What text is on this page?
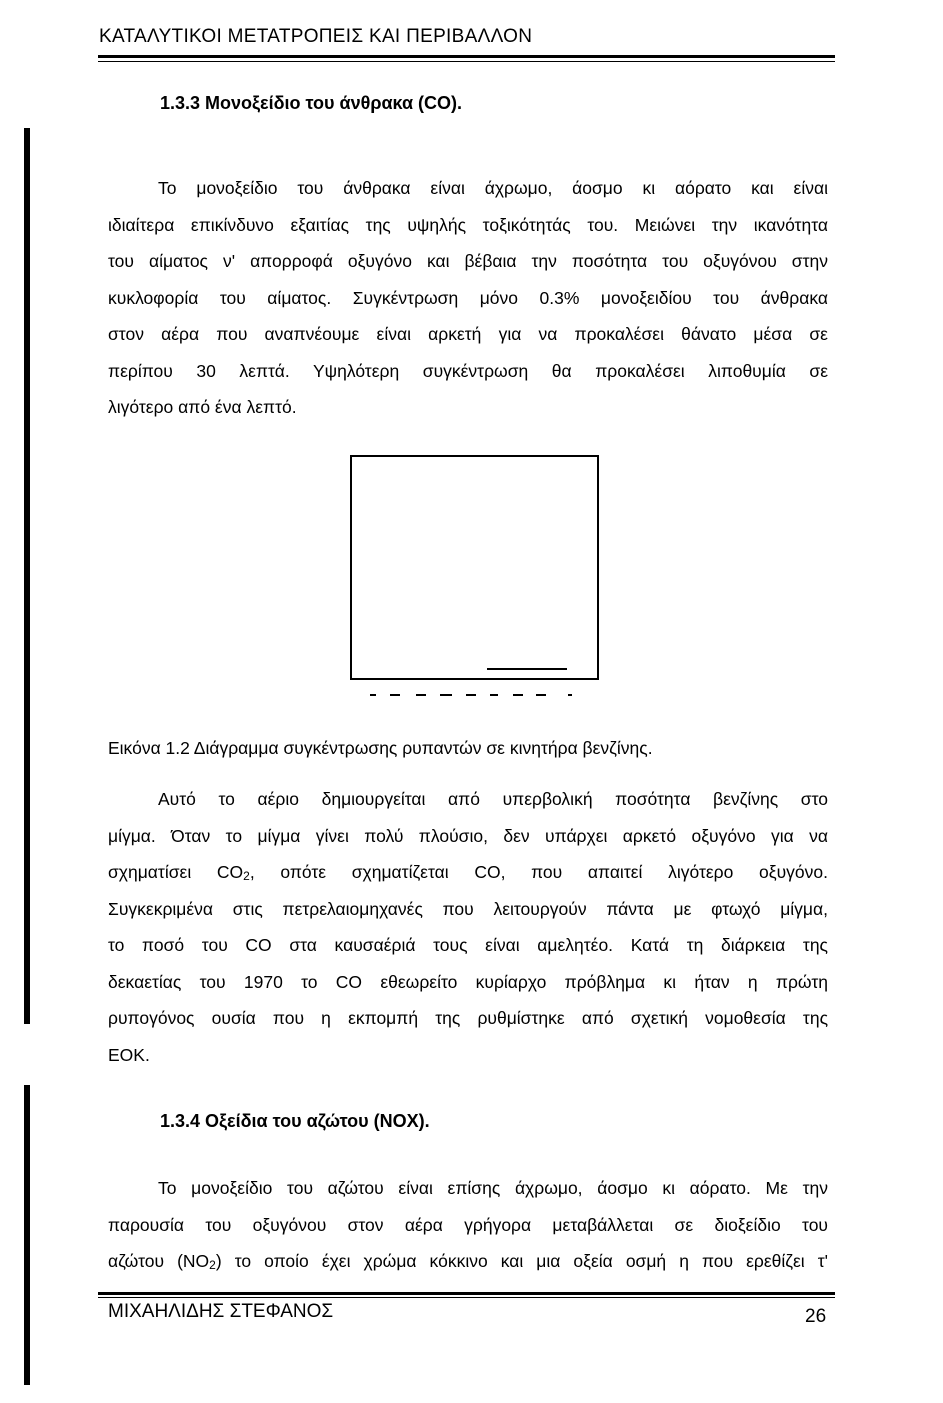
ΚΑΤΑΛΥΤΙΚΟΙ ΜΕΤΑΤΡΟΠΕΙΣ ΚΑΙ ΠΕΡΙΒΑΛΛΟΝ
1.3.3 Μονοξείδιο του άνθρακα (CO).
Το μονοξείδιο του άνθρακα είναι άχρωμο, άοσμο κι αόρατο και είναι
ιδιαίτερα επικίνδυνο εξαιτίας της υψηλής τοξικότητάς του. Μειώνει την ικανότητα
του αίματος ν' απορροφά οξυγόνο και βέβαια την ποσότητα του οξυγόνου στην
κυκλοφορία του αίματος. Συγκέντρωση μόνο 0.3% μονοξειδίου του άνθρακα
στον αέρα που αναπνέουμε είναι αρκετή για να προκαλέσει θάνατο μέσα σε
περίπου 30 λεπτά. Υψηλότερη συγκέντρωση θα προκαλέσει λιποθυμία σε
λιγότερο από ένα λεπτό.
Εικόνα 1.2 Διάγραμμα συγκέντρωσης ρυπαντών σε κινητήρα βενζίνης.
Αυτό το αέριο δημιουργείται από υπερβολική ποσότητα βενζίνης στο
μίγμα. Όταν το μίγμα γίνει πολύ πλούσιο, δεν υπάρχει αρκετό οξυγόνο για να
σχηματίσει $CO_2$, οπότε σχηματίζεται CO, που απαιτεί λιγότερο οξυγόνο.
Συγκεκριμένα στις πετρελαιομηχανές που λειτουργούν πάντα με φτωχό μίγμα,
το ποσό του CO στα καυσαέριά τους είναι αμελητέο. Κατά τη διάρκεια της
δεκαετίας του 1970 το CO εθεωρείτο κυρίαρχο πρόβλημα κι ήταν η πρώτη
ρυπογόνος ουσία που η εκπομπή της ρυθμίστηκε από σχετική νομοθεσία της
ΕΟΚ.
1.3.4 Οξείδια του αζώτου (NOX).
Το μονοξείδιο του αζώτου είναι επίσης άχρωμο, άοσμο κι αόρατο. Με την
παρουσία του οξυγόνου στον αέρα γρήγορα μεταβάλλεται σε διοξείδιο του
αζώτου $(NO_2)$ το οποίο έχει χρώμα κόκκινο και μια οξεία οσμή η που ερεθίζει τ'
ΜΙΧΑΗΛΙΔΗΣ ΣΤΕΦΑΝΟΣ	26
